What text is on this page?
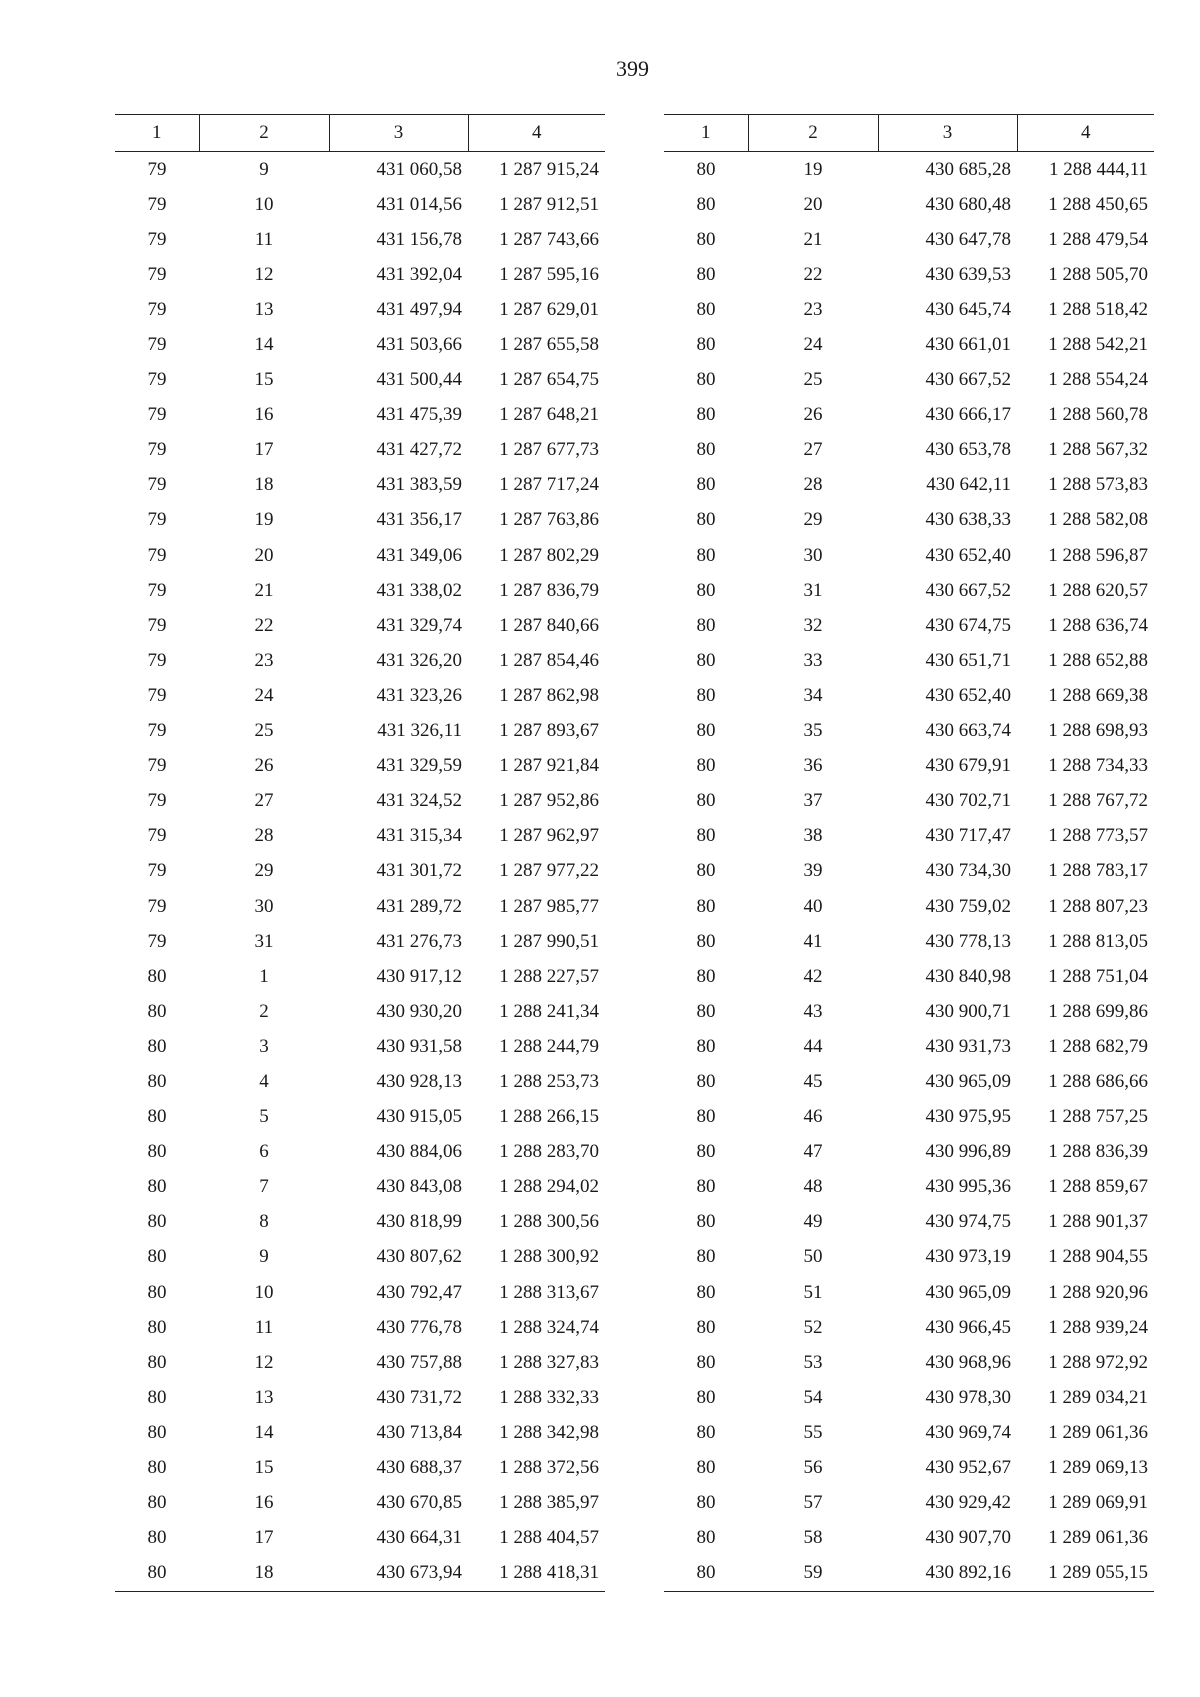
399
1	2	3	4
79	9	431 060,58	1 287 915,24
79	10	431 014,56	1 287 912,51
79	11	431 156,78	1 287 743,66
79	12	431 392,04	1 287 595,16
79	13	431 497,94	1 287 629,01
79	14	431 503,66	1 287 655,58
79	15	431 500,44	1 287 654,75
79	16	431 475,39	1 287 648,21
79	17	431 427,72	1 287 677,73
79	18	431 383,59	1 287 717,24
79	19	431 356,17	1 287 763,86
79	20	431 349,06	1 287 802,29
79	21	431 338,02	1 287 836,79
79	22	431 329,74	1 287 840,66
79	23	431 326,20	1 287 854,46
79	24	431 323,26	1 287 862,98
79	25	431 326,11	1 287 893,67
79	26	431 329,59	1 287 921,84
79	27	431 324,52	1 287 952,86
79	28	431 315,34	1 287 962,97
79	29	431 301,72	1 287 977,22
79	30	431 289,72	1 287 985,77
79	31	431 276,73	1 287 990,51
80	1	430 917,12	1 288 227,57
80	2	430 930,20	1 288 241,34
80	3	430 931,58	1 288 244,79
80	4	430 928,13	1 288 253,73
80	5	430 915,05	1 288 266,15
80	6	430 884,06	1 288 283,70
80	7	430 843,08	1 288 294,02
80	8	430 818,99	1 288 300,56
80	9	430 807,62	1 288 300,92
80	10	430 792,47	1 288 313,67
80	11	430 776,78	1 288 324,74
80	12	430 757,88	1 288 327,83
80	13	430 731,72	1 288 332,33
80	14	430 713,84	1 288 342,98
80	15	430 688,37	1 288 372,56
80	16	430 670,85	1 288 385,97
80	17	430 664,31	1 288 404,57
80	18	430 673,94	1 288 418,31
1	2	3	4
80	19	430 685,28	1 288 444,11
80	20	430 680,48	1 288 450,65
80	21	430 647,78	1 288 479,54
80	22	430 639,53	1 288 505,70
80	23	430 645,74	1 288 518,42
80	24	430 661,01	1 288 542,21
80	25	430 667,52	1 288 554,24
80	26	430 666,17	1 288 560,78
80	27	430 653,78	1 288 567,32
80	28	430 642,11	1 288 573,83
80	29	430 638,33	1 288 582,08
80	30	430 652,40	1 288 596,87
80	31	430 667,52	1 288 620,57
80	32	430 674,75	1 288 636,74
80	33	430 651,71	1 288 652,88
80	34	430 652,40	1 288 669,38
80	35	430 663,74	1 288 698,93
80	36	430 679,91	1 288 734,33
80	37	430 702,71	1 288 767,72
80	38	430 717,47	1 288 773,57
80	39	430 734,30	1 288 783,17
80	40	430 759,02	1 288 807,23
80	41	430 778,13	1 288 813,05
80	42	430 840,98	1 288 751,04
80	43	430 900,71	1 288 699,86
80	44	430 931,73	1 288 682,79
80	45	430 965,09	1 288 686,66
80	46	430 975,95	1 288 757,25
80	47	430 996,89	1 288 836,39
80	48	430 995,36	1 288 859,67
80	49	430 974,75	1 288 901,37
80	50	430 973,19	1 288 904,55
80	51	430 965,09	1 288 920,96
80	52	430 966,45	1 288 939,24
80	53	430 968,96	1 288 972,92
80	54	430 978,30	1 289 034,21
80	55	430 969,74	1 289 061,36
80	56	430 952,67	1 289 069,13
80	57	430 929,42	1 289 069,91
80	58	430 907,70	1 289 061,36
80	59	430 892,16	1 289 055,15
